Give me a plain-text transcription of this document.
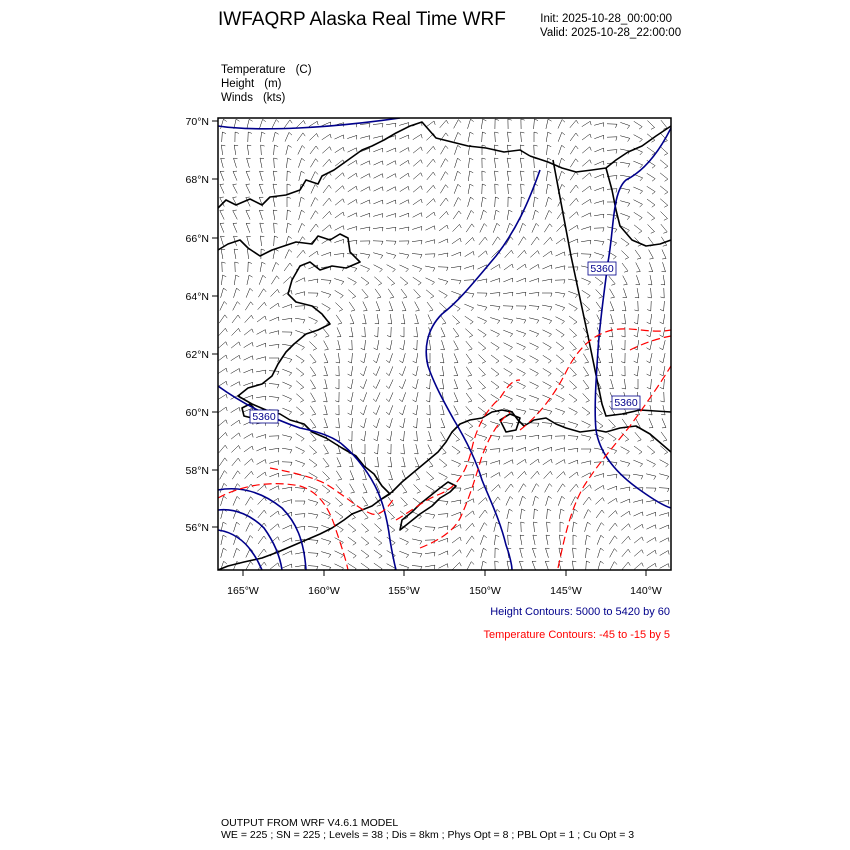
IWFAQRP Alaska Real Time WRF	Init: 2025-10-28_00:00:00
Valid: 2025-10-28_22:00:00
Temperature (C)
Height (m)
Winds (kts)
5360
5360
5360
70°N
68°N
66°N
64°N
62°N
60°N
58°N
56°N
165°W	160°W	155°W	150°W	145°W	140°W
Height Contours: 5000 to 5420 by 60
Temperature Contours: -45 to -15 by 5
OUTPUT FROM WRF V4.6.1 MODEL
WE = 225 ; SN = 225 ; Levels = 38 ; Dis = 8km ; Phys Opt = 8 ; PBL Opt = 1 ; Cu Opt = 3
